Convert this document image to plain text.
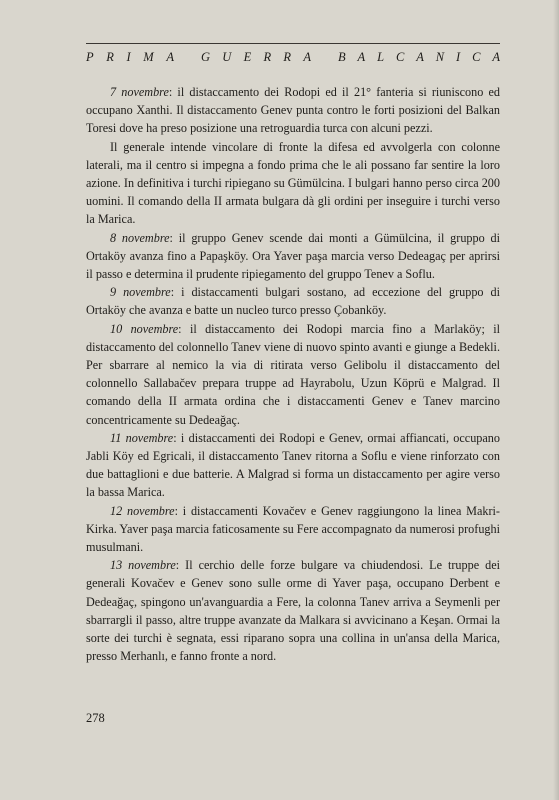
P R I M A G U E R R A B A L C A N I C A

7 novembre: il distaccamento dei Rodopi ed il 21° fanteria si riuniscono ed occupano Xanthi. Il distaccamento Genev punta contro le forti posizioni del Balkan Toresi dove ha preso posizione una retroguardia turca con alcuni pezzi.

Il generale intende vincolare di fronte la difesa ed avvolgerla con colonne laterali, ma il centro si impegna a fondo prima che le ali possano far sentire la loro azione. In definitiva i turchi ripiegano su Gümülcina. I bulgari hanno perso circa 200 uomini. Il comando della II armata bulgara dà gli ordini per inseguire i turchi verso la Marica.

8 novembre: il gruppo Genev scende dai monti a Gümülcina, il gruppo di Ortaköy avanza fino a Papaşköy. Ora Yaver paşa marcia verso Dedeagaç per aprirsi il passo e determina il prudente ripiegamento del gruppo Tenev a Soflu.

9 novembre: i distaccamenti bulgari sostano, ad eccezione del gruppo di Ortaköy che avanza e batte un nucleo turco presso Çobanköy.

10 novembre: il distaccamento dei Rodopi marcia fino a Marlaköy; il distaccamento del colonnello Tanev viene di nuovo spinto avanti e giunge a Bedekli. Per sbarrare al nemico la via di ritirata verso Gelibolu il distaccamento del colonnello Sallabačev prepara truppe ad Hayrabolu, Uzun Köprü e Malgrad. Il comando della II armata ordina che i distaccamenti Genev e Tanev marcino concentricamente su Dedeağaç.

11 novembre: i distaccamenti dei Rodopi e Genev, ormai affiancati, occupano Jabli Köy ed Egricali, il distaccamento Tanev ritorna a Soflu e viene rinforzato con due battaglioni e due batterie. A Malgrad si forma un distaccamento per agire verso la bassa Marica.

12 novembre: i distaccamenti Kovačev e Genev raggiungono la linea Makri-Kirka. Yaver paşa marcia faticosamente su Fere accompagnato da numerosi profughi musulmani.

13 novembre: Il cerchio delle forze bulgare va chiudendosi. Le truppe dei generali Kovačev e Genev sono sulle orme di Yaver paşa, occupano Derbent e Dedeağaç, spingono un'avanguardia a Fere, la colonna Tanev arriva a Seymenli per sbarrargli il passo, altre truppe avanzate da Malkara si avvicinano a Keşan. Ormai la sorte dei turchi è segnata, essi riparano sopra una collina in un'ansa della Marica, presso Merhanlı, e fanno fronte a nord.

278
